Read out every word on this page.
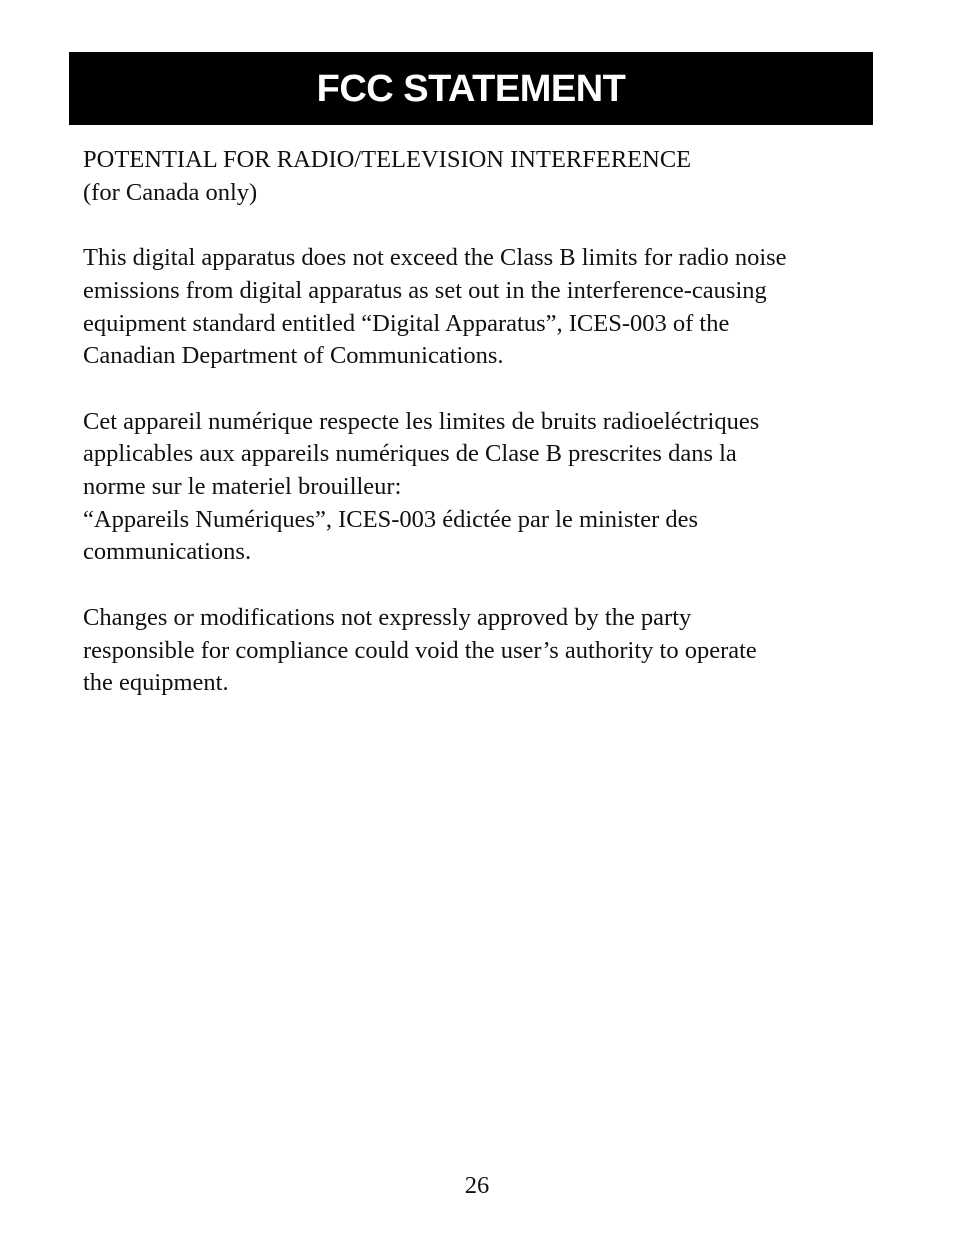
FCC STATEMENT

POTENTIAL FOR RADIO/TELEVISION INTERFERENCE
(for Canada only)

This digital apparatus does not exceed the Class B limits for radio noise
emissions from digital apparatus as set out in the interference-causing
equipment standard entitled “Digital Apparatus”, ICES-003 of the
Canadian Department of Communications.

Cet appareil numérique respecte les limites de bruits radioeléctriques
applicables aux appareils numériques de Clase B prescrites dans la
norme sur le materiel brouilleur:
“Appareils Numériques”, ICES-003 édictée par le minister des
communications.

Changes or modifications not expressly approved by the party
responsible for compliance could void the user’s authority to operate
the equipment.

26
